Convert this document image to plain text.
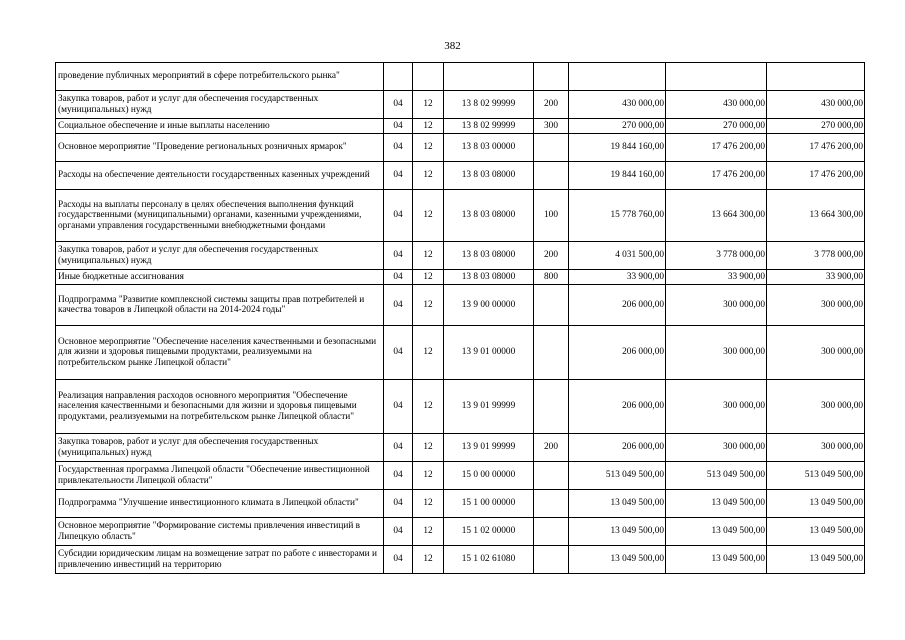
382
проведение публичных мероприятий в сфере потребительского рынка"							
Закупка товаров, работ и услуг для обеспечения государственных (муниципальных) нужд	04	12	13 8 02 99999	200	430 000,00	430 000,00	430 000,00
Социальное обеспечение и иные выплаты населению	04	12	13 8 02 99999	300	270 000,00	270 000,00	270 000,00
Основное мероприятие "Проведение региональных розничных ярмарок"	04	12	13 8 03 00000		19 844 160,00	17 476 200,00	17 476 200,00
Расходы на обеспечение деятельности государственных казенных учреждений	04	12	13 8 03 08000		19 844 160,00	17 476 200,00	17 476 200,00
Расходы на выплаты персоналу в целях обеспечения выполнения функций государственными (муниципальными) органами, казенными учреждениями, органами управления государственными внебюджетными фондами	04	12	13 8 03 08000	100	15 778 760,00	13 664 300,00	13 664 300,00
Закупка товаров, работ и услуг для обеспечения государственных (муниципальных) нужд	04	12	13 8 03 08000	200	4 031 500,00	3 778 000,00	3 778 000,00
Иные бюджетные ассигнования	04	12	13 8 03 08000	800	33 900,00	33 900,00	33 900,00
Подпрограмма "Развитие комплексной системы защиты прав потребителей и качества товаров в Липецкой области на 2014-2024 годы"	04	12	13 9 00 00000		206 000,00	300 000,00	300 000,00
Основное мероприятие "Обеспечение населения качественными и безопасными для жизни и здоровья пищевыми продуктами, реализуемыми на потребительском рынке Липецкой области"	04	12	13 9 01 00000		206 000,00	300 000,00	300 000,00
Реализация направления расходов основного мероприятия "Обеспечение населения качественными и безопасными для жизни и здоровья пищевыми продуктами, реализуемыми на потребительском рынке Липецкой области"	04	12	13 9 01 99999		206 000,00	300 000,00	300 000,00
Закупка товаров, работ и услуг для обеспечения государственных (муниципальных) нужд	04	12	13 9 01 99999	200	206 000,00	300 000,00	300 000,00
Государственная программа Липецкой области "Обеспечение инвестиционной привлекательности Липецкой области"	04	12	15 0 00 00000		513 049 500,00	513 049 500,00	513 049 500,00
Подпрограмма "Улучшение инвестиционного климата в Липецкой области"	04	12	15 1 00 00000		13 049 500,00	13 049 500,00	13 049 500,00
Основное мероприятие "Формирование системы привлечения инвестиций в Липецкую область"	04	12	15 1 02 00000		13 049 500,00	13 049 500,00	13 049 500,00
Субсидии юридическим лицам на возмещение затрат по работе с инвесторами и привлечению инвестиций на территорию	04	12	15 1 02 61080		13 049 500,00	13 049 500,00	13 049 500,00
